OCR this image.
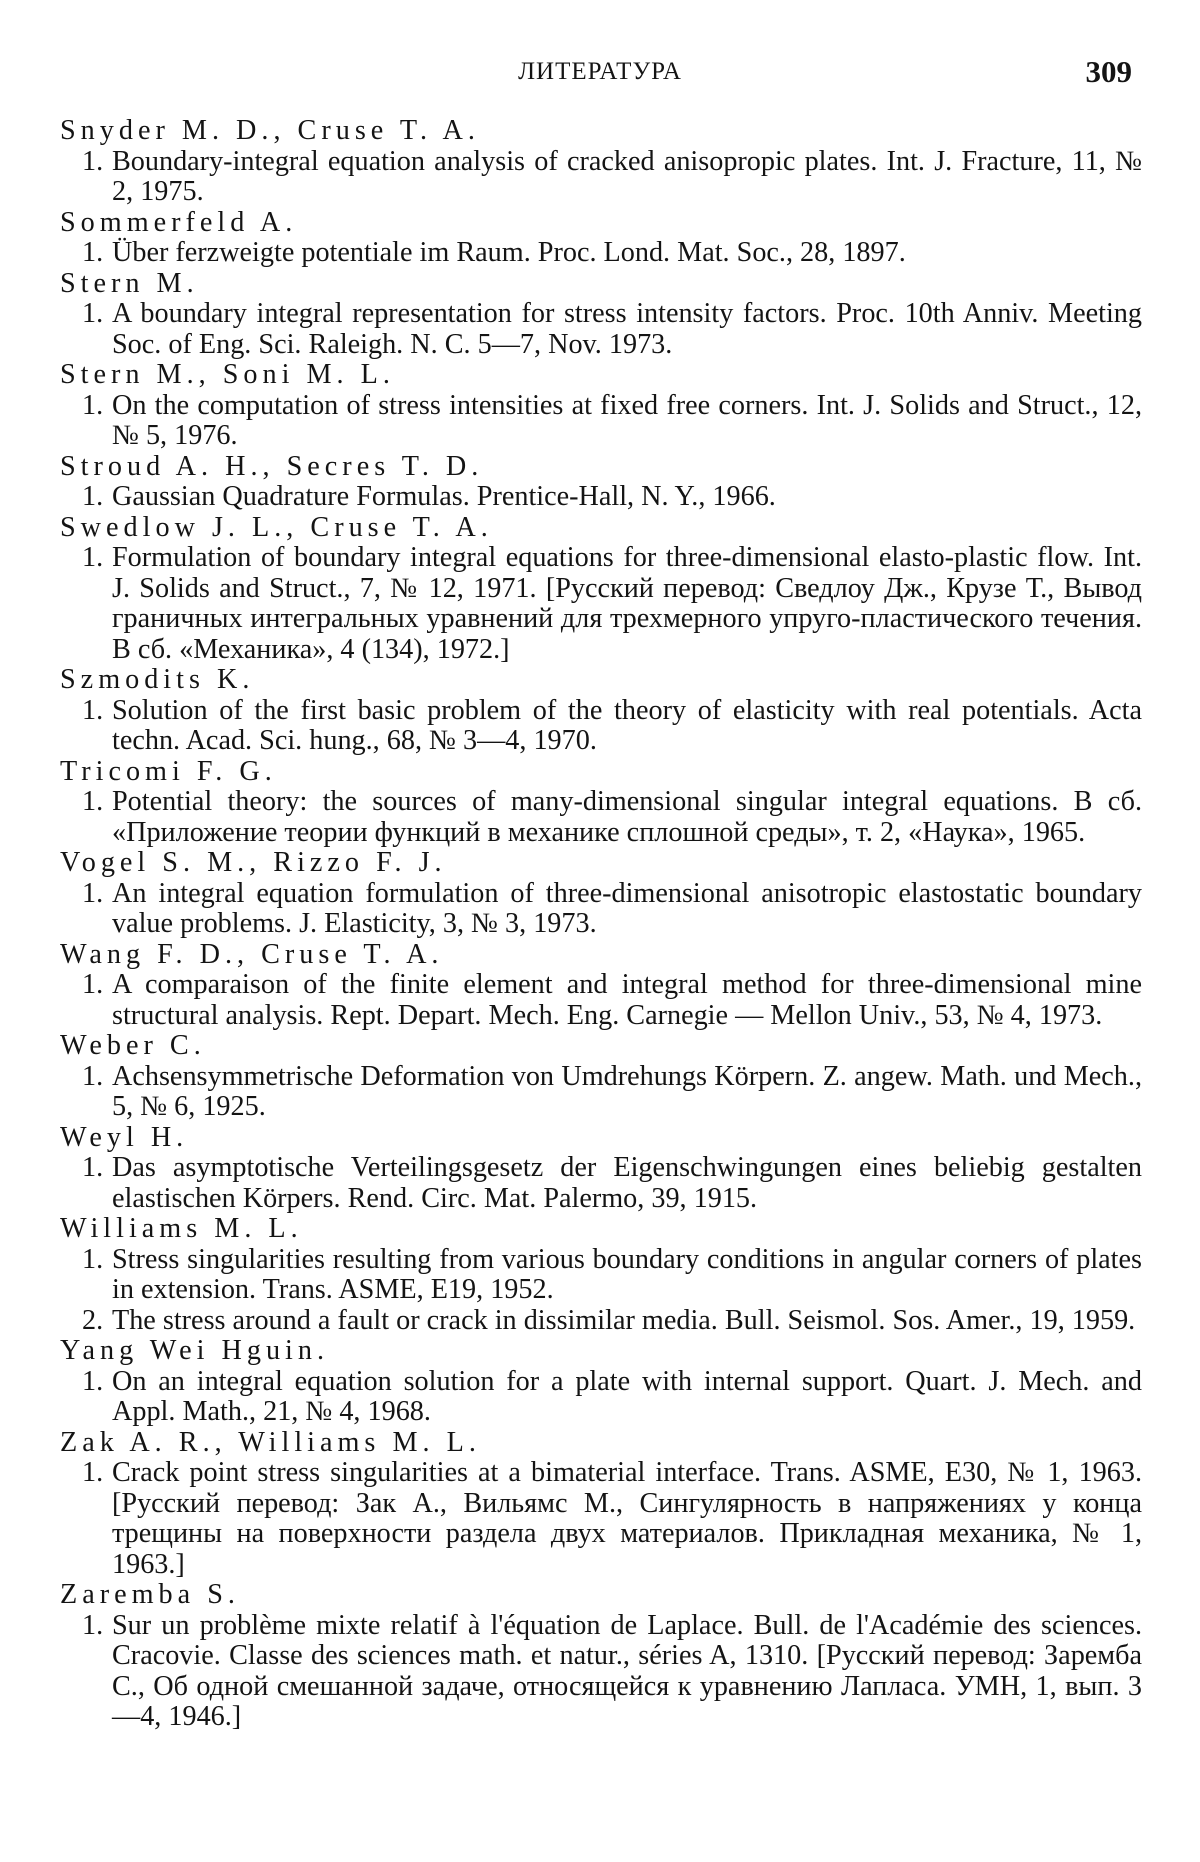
ЛИТЕРАТУРА	309
Snyder M. D., Cruse T. A.
1. Boundary-integral equation analysis of cracked anisopropic plates. Int. J. Fracture, 11, № 2, 1975.
Sommerfeld A.
1. Über ferzweigte potentiale im Raum. Proc. Lond. Mat. Soc., 28, 1897.
Stern M.
1. A boundary integral representation for stress intensity factors. Proc. 10th Anniv. Meeting Soc. of Eng. Sci. Raleigh. N. C. 5—7, Nov. 1973.
Stern M., Soni M. L.
1. On the computation of stress intensities at fixed free corners. Int. J. Solids and Struct., 12, № 5, 1976.
Stroud A. H., Secres T. D.
1. Gaussian Quadrature Formulas. Prentice-Hall, N. Y., 1966.
Swedlow J. L., Cruse T. A.
1. Formulation of boundary integral equations for three-dimensional elasto-plastic flow. Int. J. Solids and Struct., 7, № 12, 1971. [Русский перевод: Сведлоу Дж., Крузе Т., Вывод граничных интегральных уравнений для трехмерного упруго-пластического течения. В сб. «Механика», 4 (134), 1972.]
Szmodits K.
1. Solution of the first basic problem of the theory of elasticity with real potentials. Acta techn. Acad. Sci. hung., 68, № 3—4, 1970.
Tricomi F. G.
1. Potential theory: the sources of many-dimensional singular integral equations. В сб. «Приложение теории функций в механике сплошной среды», т. 2, «Наука», 1965.
Vogel S. M., Rizzo F. J.
1. An integral equation formulation of three-dimensional anisotropic elastostatic boundary value problems. J. Elasticity, 3, № 3, 1973.
Wang F. D., Cruse T. A.
1. A comparaison of the finite element and integral method for three-dimensional mine structural analysis. Rept. Depart. Mech. Eng. Carnegie — Mellon Univ., 53, № 4, 1973.
Weber C.
1. Achsensymmetrische Deformation von Umdrehungs Körpern. Z. angew. Math. und Mech., 5, № 6, 1925.
Weyl H.
1. Das asymptotische Verteilingsgesetz der Eigenschwingungen eines beliebig gestalten elastischen Körpers. Rend. Circ. Mat. Palermo, 39, 1915.
Williams M. L.
1. Stress singularities resulting from various boundary conditions in angular corners of plates in extension. Trans. ASME, E19, 1952.
2. The stress around a fault or crack in dissimilar media. Bull. Seismol. Sos. Amer., 19, 1959.
Yang Wei Hguin.
1. On an integral equation solution for a plate with internal support. Quart. J. Mech. and Appl. Math., 21, № 4, 1968.
Zak A. R., Williams M. L.
1. Crack point stress singularities at a bimaterial interface. Trans. ASME, E30, № 1, 1963. [Русский перевод: Зак А., Вильямс М., Сингулярность в напряжениях у конца трещины на поверхности раздела двух материалов. Прикладная механика, № 1, 1963.]
Zaremba S.
1. Sur un problème mixte relatif à l'équation de Laplace. Bull. de l'Académie des sciences. Cracovie. Classe des sciences math. et natur., séries A, 1310. [Русский перевод: Заремба С., Об одной смешанной задаче, относящейся к уравнению Лапласа. УМН, 1, вып. 3—4, 1946.]
